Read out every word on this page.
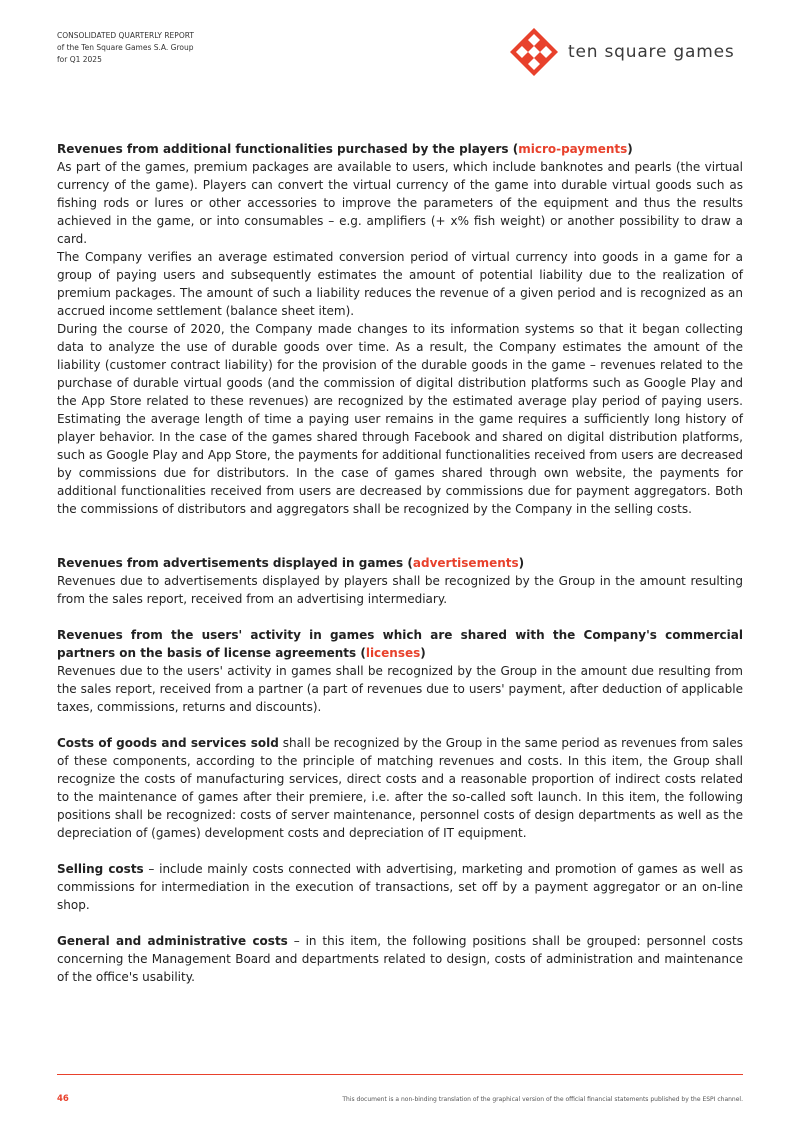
CONSOLIDATED QUARTERLY REPORT
of the Ten Square Games S.A. Group
for Q1 2025	ten square games

Revenues from additional functionalities purchased by the players (micro-payments)

As part of the games, premium packages are available to users, which include banknotes and pearls (the virtual currency of the game). Players can convert the virtual currency of the game into durable virtual goods such as fishing rods or lures or other accessories to improve the parameters of the equipment and thus the results achieved in the game, or into consumables – e.g. amplifiers (+ x% fish weight) or another possibility to draw a card.

The Company verifies an average estimated conversion period of virtual currency into goods in a game for a group of paying users and subsequently estimates the amount of potential liability due to the realization of premium packages. The amount of such a liability reduces the revenue of a given period and is recognized as an accrued income settlement (balance sheet item).

During the course of 2020, the Company made changes to its information systems so that it began collecting data to analyze the use of durable goods over time. As a result, the Company estimates the amount of the liability (customer contract liability) for the provision of the durable goods in the game – revenues related to the purchase of durable virtual goods (and the commission of digital distribution platforms such as Google Play and the App Store related to these revenues) are recognized by the estimated average play period of paying users. Estimating the average length of time a paying user remains in the game requires a sufficiently long history of player behavior. In the case of the games shared through Facebook and shared on digital distribution platforms, such as Google Play and App Store, the payments for additional functionalities received from users are decreased by commissions due for distributors. In the case of games shared through own website, the payments for additional functionalities received from users are decreased by commissions due for payment aggregators. Both the commissions of distributors and aggregators shall be recognized by the Company in the selling costs.

Revenues from advertisements displayed in games (advertisements)

Revenues due to advertisements displayed by players shall be recognized by the Group in the amount resulting from the sales report, received from an advertising intermediary.

Revenues from the users' activity in games which are shared with the Company's commercial partners on the basis of license agreements (licenses)

Revenues due to the users' activity in games shall be recognized by the Group in the amount due resulting from the sales report, received from a partner (a part of revenues due to users' payment, after deduction of applicable taxes, commissions, returns and discounts).

Costs of goods and services sold shall be recognized by the Group in the same period as revenues from sales of these components, according to the principle of matching revenues and costs. In this item, the Group shall recognize the costs of manufacturing services, direct costs and a reasonable proportion of indirect costs related to the maintenance of games after their premiere, i.e. after the so-called soft launch. In this item, the following positions shall be recognized: costs of server maintenance, personnel costs of design departments as well as the depreciation of (games) development costs and depreciation of IT equipment.

Selling costs – include mainly costs connected with advertising, marketing and promotion of games as well as commissions for intermediation in the execution of transactions, set off by a payment aggregator or an on-line shop.

General and administrative costs – in this item, the following positions shall be grouped: personnel costs concerning the Management Board and departments related to design, costs of administration and maintenance of the office's usability.

46	This document is a non-binding translation of the graphical version of the official financial statements published by the ESPI channel.
